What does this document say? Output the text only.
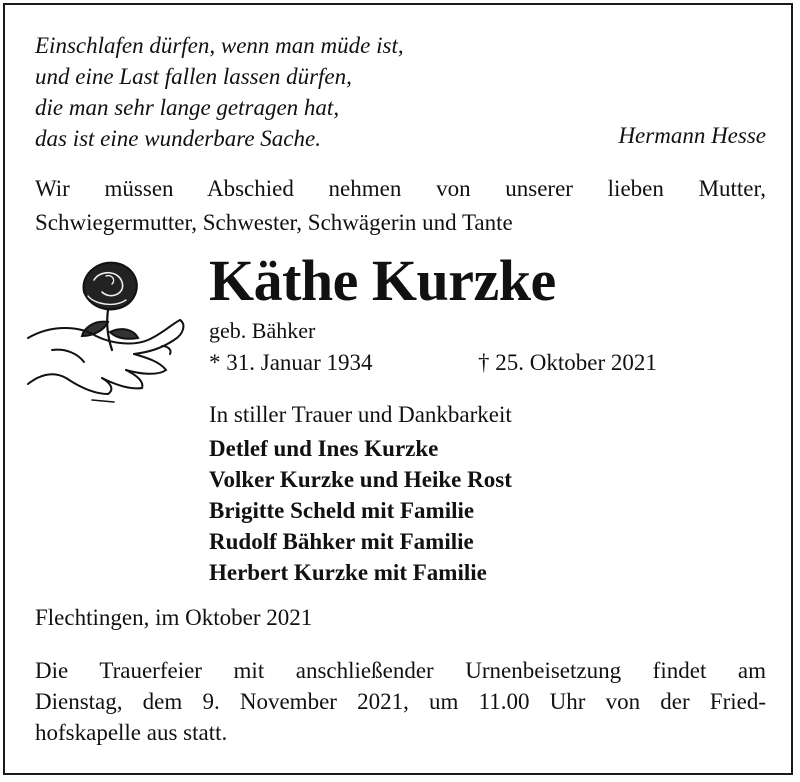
Einschlafen dürfen, wenn man müde ist,
und eine Last fallen lassen dürfen,
die man sehr lange getragen hat,
das ist eine wunderbare Sache.	Hermann Hesse
Wir müssen Abschied nehmen von unserer lieben Mutter,
Schwiegermutter, Schwester, Schwägerin und Tante
Käthe Kurzke
geb. Bähker
* 31. Januar 1934	† 25. Oktober 2021
In stiller Trauer und Dankbarkeit
Detlef und Ines Kurzke
Volker Kurzke und Heike Rost
Brigitte Scheld mit Familie
Rudolf Bähker mit Familie
Herbert Kurzke mit Familie
Flechtingen, im Oktober 2021
Die Trauerfeier mit anschließender Urnenbeisetzung findet am
Dienstag, dem 9. November 2021, um 11.00 Uhr von der Fried-
hofskapelle aus statt.
